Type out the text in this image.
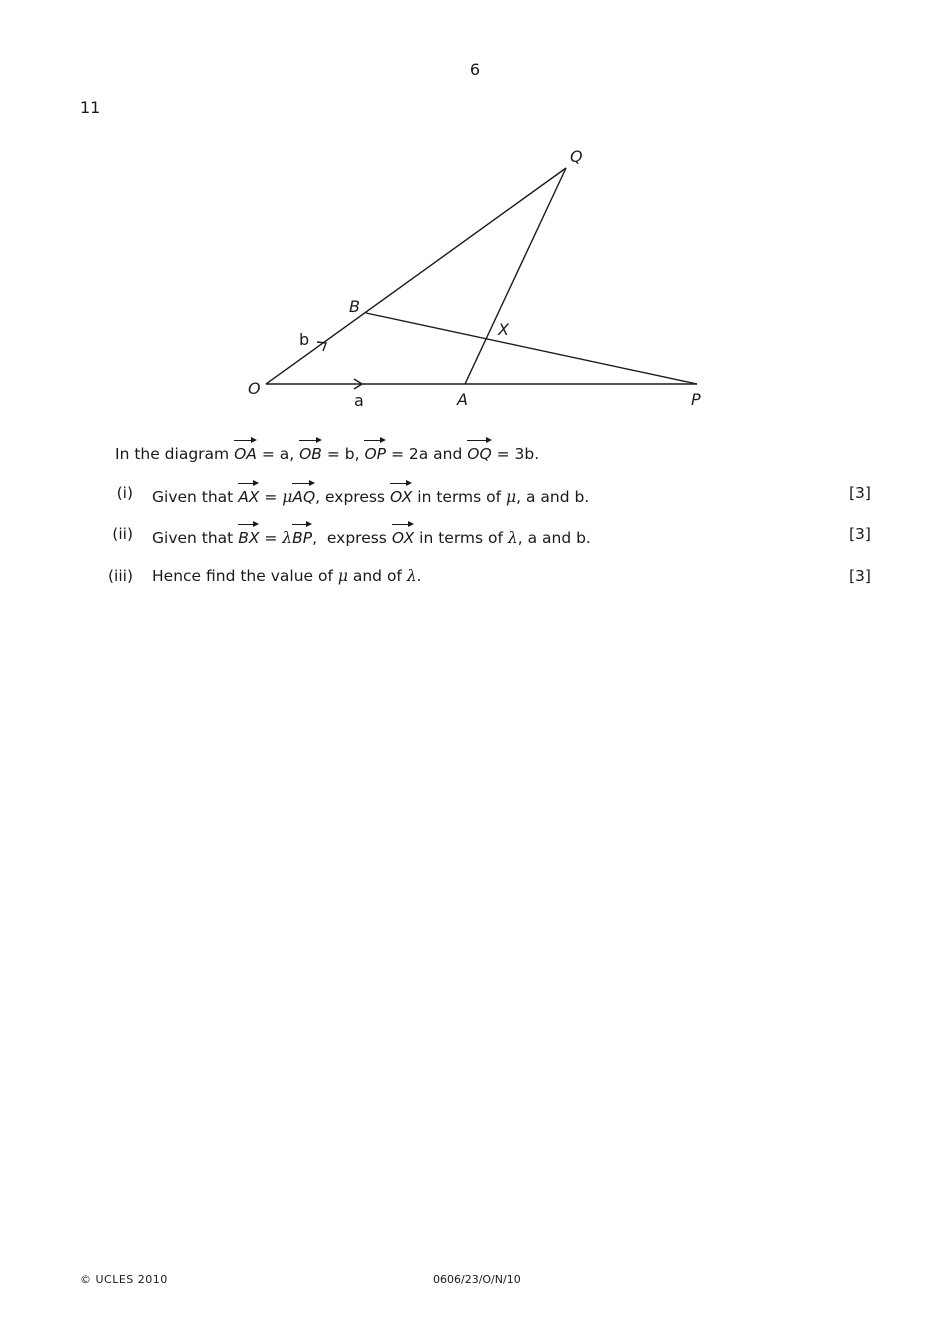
6
11
O
A	P
B
Q
X
a
b
In the diagram OA = a, OB = b, OP = 2a and OQ = 3b.
(i) Given that AX = μAQ, express OX in terms of μ, a and b.	[3]
(ii) Given that BX = λBP,  express OX in terms of λ, a and b.	[3]
(iii) Hence find the value of μ and of λ.	[3]
© UCLES 2010	0606/23/O/N/10
